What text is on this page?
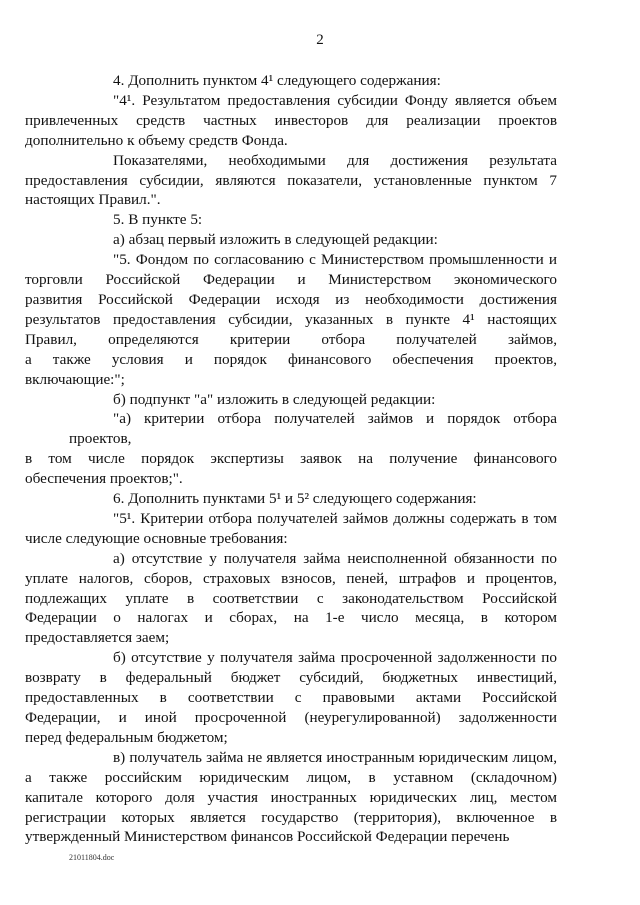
2
4. Дополнить пунктом 4¹ следующего содержания:
"4¹. Результатом предоставления субсидии Фонду является объем
привлеченных средств частных инвесторов для реализации проектов
дополнительно к объему средств Фонда.
Показателями, необходимыми для достижения результата
предоставления субсидии, являются показатели, установленные пунктом 7
настоящих Правил.".
5. В пункте 5:
а) абзац первый изложить в следующей редакции:
"5. Фондом по согласованию с Министерством промышленности и
торговли Российской Федерации и Министерством экономического
развития Российской Федерации исходя из необходимости достижения
результатов предоставления субсидии, указанных в пункте 4¹ настоящих
Правил, определяются критерии отбора получателей займов,
а также условия и порядок финансового обеспечения проектов,
включающие:";
б) подпункт "а" изложить в следующей редакции:
"а) критерии отбора получателей займов и порядок отбора проектов,
в том числе порядок экспертизы заявок на получение финансового
обеспечения проектов;".
6. Дополнить пунктами 5¹ и 5² следующего содержания:
"5¹. Критерии отбора получателей займов должны содержать в том
числе следующие основные требования:
а) отсутствие у получателя займа неисполненной обязанности по
уплате налогов, сборов, страховых взносов, пеней, штрафов и процентов,
подлежащих уплате в соответствии с законодательством Российской
Федерации о налогах и сборах, на 1-е число месяца, в котором
предоставляется заем;
б) отсутствие у получателя займа просроченной задолженности по
возврату в федеральный бюджет субсидий, бюджетных инвестиций,
предоставленных в соответствии с правовыми актами Российской
Федерации, и иной просроченной (неурегулированной) задолженности
перед федеральным бюджетом;
в) получатель займа не является иностранным юридическим лицом,
а также российским юридическим лицом, в уставном (складочном)
капитале которого доля участия иностранных юридических лиц, местом
регистрации которых является государство (территория), включенное в
утвержденный Министерством финансов Российской Федерации перечень
21011804.doc
